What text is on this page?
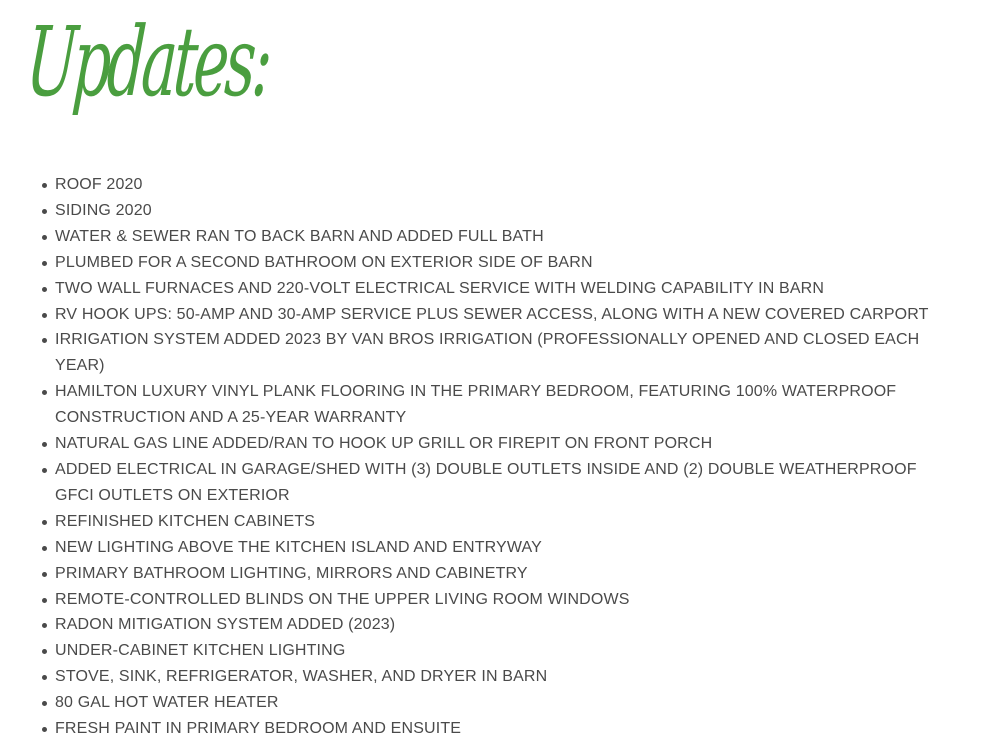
Updates:
ROOF 2020
SIDING 2020
WATER & SEWER RAN TO BACK BARN AND ADDED FULL BATH
PLUMBED FOR A SECOND BATHROOM ON EXTERIOR SIDE OF BARN
TWO WALL FURNACES AND 220-VOLT ELECTRICAL SERVICE WITH WELDING CAPABILITY IN BARN
RV HOOK UPS: 50-AMP AND 30-AMP SERVICE PLUS SEWER ACCESS, ALONG WITH A NEW COVERED CARPORT
IRRIGATION SYSTEM ADDED 2023 BY VAN BROS IRRIGATION (PROFESSIONALLY OPENED AND CLOSED EACH YEAR)
HAMILTON LUXURY VINYL PLANK FLOORING IN THE PRIMARY BEDROOM, FEATURING 100% WATERPROOF CONSTRUCTION AND A 25-YEAR WARRANTY
NATURAL GAS LINE ADDED/RAN TO HOOK UP GRILL OR FIREPIT ON FRONT PORCH
ADDED ELECTRICAL IN GARAGE/SHED WITH (3) DOUBLE OUTLETS INSIDE AND (2) DOUBLE WEATHERPROOF GFCI OUTLETS ON EXTERIOR
REFINISHED KITCHEN CABINETS
NEW LIGHTING ABOVE THE KITCHEN ISLAND AND ENTRYWAY
PRIMARY BATHROOM LIGHTING, MIRRORS AND CABINETRY
REMOTE-CONTROLLED BLINDS ON THE UPPER LIVING ROOM WINDOWS
RADON MITIGATION SYSTEM ADDED (2023)
UNDER-CABINET KITCHEN LIGHTING
STOVE, SINK, REFRIGERATOR, WASHER, AND DRYER IN BARN
80 GAL HOT WATER HEATER
FRESH PAINT IN PRIMARY BEDROOM AND ENSUITE
